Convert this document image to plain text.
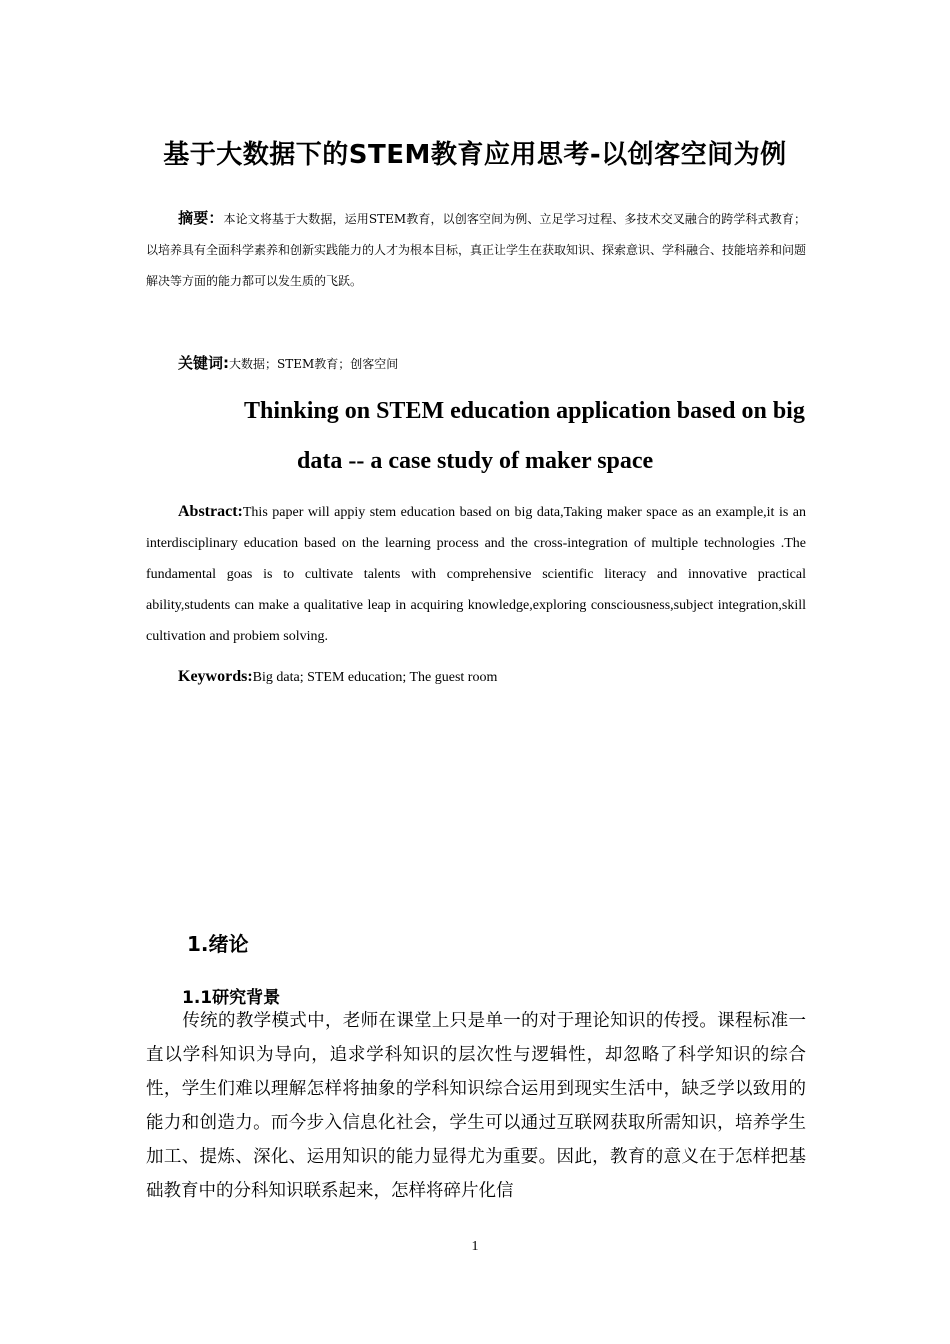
基于大数据下的STEM教育应用思考-以创客空间为例
摘要：本论文将基于大数据，运用STEM教育，以创客空间为例、立足学习过程、多技术交叉融合的跨学科式教育；以培养具有全面科学素养和创新实践能力的人才为根本目标，真正让学生在获取知识、探索意识、学科融合、技能培养和问题解决等方面的能力都可以发生质的飞跃。
关键词:大数据；STEM教育；创客空间
Thinking on STEM education application based on big
data -- a case study of maker space
Abstract:This paper will appiy stem education based on big data,Taking maker space as an example,it is an interdisciplinary education based on the learning process and the cross-integration of multiple technologies .The fundamental goas is to cultivate talents with comprehensive scientific literacy and innovative practical ability,students can make a qualitative leap in acquiring knowledge,exploring consciousness,subject integration,skill cultivation and probiem solving.
Keywords:Big data; STEM education; The guest room
1.绪论
1.1研究背景
传统的教学模式中，老师在课堂上只是单一的对于理论知识的传授。课程标准一直以学科知识为导向，追求学科知识的层次性与逻辑性，却忽略了科学知识的综合性，学生们难以理解怎样将抽象的学科知识综合运用到现实生活中，缺乏学以致用的能力和创造力。而今步入信息化社会，学生可以通过互联网获取所需知识，培养学生加工、提炼、深化、运用知识的能力显得尤为重要。因此，教育的意义在于怎样把基础教育中的分科知识联系起来，怎样将碎片化信
1
